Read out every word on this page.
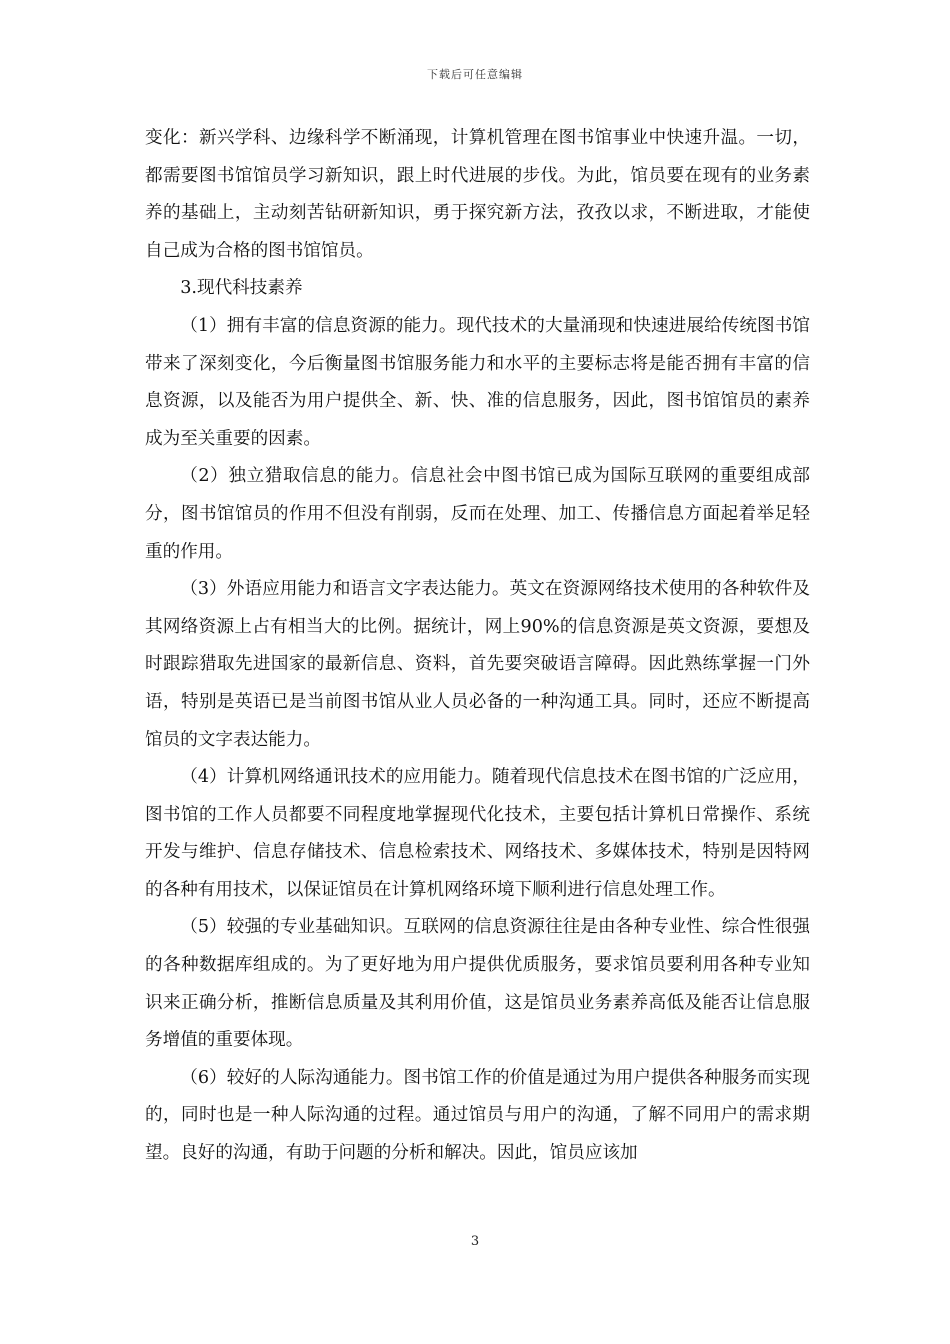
下载后可任意编辑

变化：新兴学科、边缘科学不断涌现，计算机管理在图书馆事业中快速升温。一切，都需要图书馆馆员学习新知识，跟上时代进展的步伐。为此，馆员要在现有的业务素养的基础上，主动刻苦钻研新知识，勇于探究新方法，孜孜以求，不断进取，才能使自己成为合格的图书馆馆员。

3.现代科技素养

（1）拥有丰富的信息资源的能力。现代技术的大量涌现和快速进展给传统图书馆带来了深刻变化，今后衡量图书馆服务能力和水平的主要标志将是能否拥有丰富的信息资源，以及能否为用户提供全、新、快、准的信息服务，因此，图书馆馆员的素养成为至关重要的因素。

（2）独立猎取信息的能力。信息社会中图书馆已成为国际互联网的重要组成部分，图书馆馆员的作用不但没有削弱，反而在处理、加工、传播信息方面起着举足轻重的作用。

（3）外语应用能力和语言文字表达能力。英文在资源网络技术使用的各种软件及其网络资源上占有相当大的比例。据统计，网上90%的信息资源是英文资源，要想及时跟踪猎取先进国家的最新信息、资料，首先要突破语言障碍。因此熟练掌握一门外语，特别是英语已是当前图书馆从业人员必备的一种沟通工具。同时，还应不断提高馆员的文字表达能力。

（4）计算机网络通讯技术的应用能力。随着现代信息技术在图书馆的广泛应用，图书馆的工作人员都要不同程度地掌握现代化技术，主要包括计算机日常操作、系统开发与维护、信息存储技术、信息检索技术、网络技术、多媒体技术，特别是因特网的各种有用技术，以保证馆员在计算机网络环境下顺利进行信息处理工作。

（5）较强的专业基础知识。互联网的信息资源往往是由各种专业性、综合性很强的各种数据库组成的。为了更好地为用户提供优质服务，要求馆员要利用各种专业知识来正确分析，推断信息质量及其利用价值，这是馆员业务素养高低及能否让信息服务增值的重要体现。

（6）较好的人际沟通能力。图书馆工作的价值是通过为用户提供各种服务而实现的，同时也是一种人际沟通的过程。通过馆员与用户的沟通，了解不同用户的需求期望。良好的沟通，有助于问题的分析和解决。因此，馆员应该加

3
